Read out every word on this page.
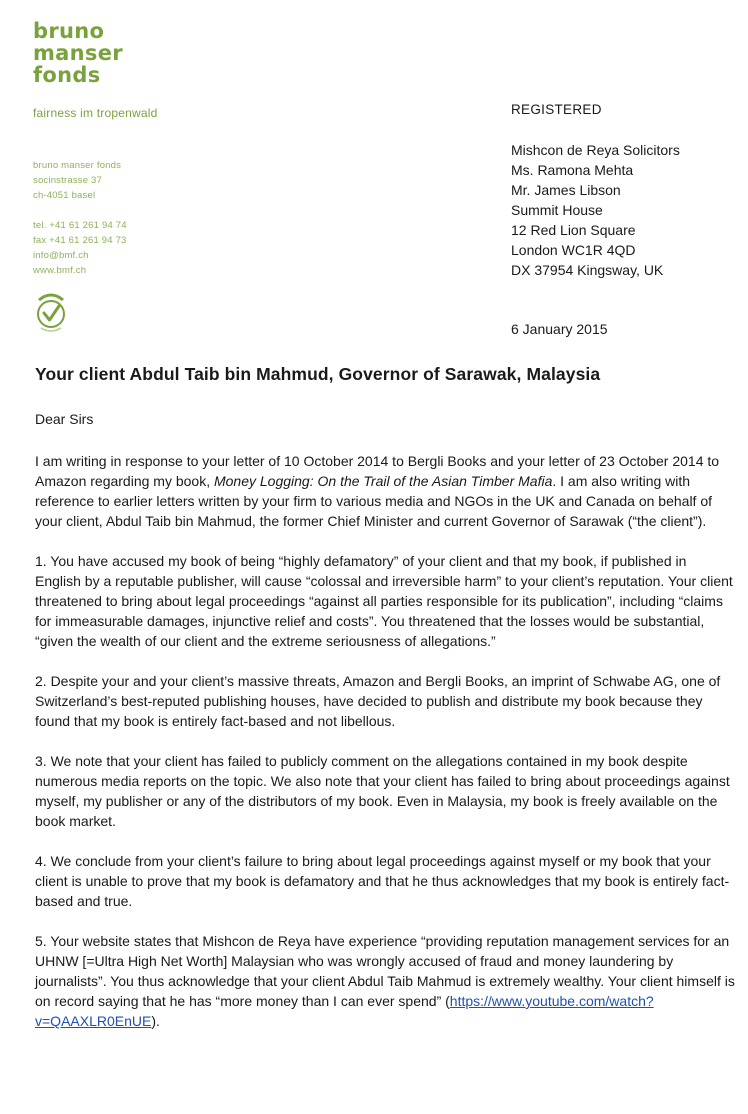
bruno
manser
fonds
fairness im tropenwald
bruno manser fonds
socinstrasse 37
ch-4051 basel
tel. +41 61 261 94 74
fax +41 61 261 94 73
info@bmf.ch
www.bmf.ch
REGISTERED
Mishcon de Reya Solicitors
Ms. Ramona Mehta
Mr. James Libson
Summit House
12 Red Lion Square
London WC1R 4QD
DX 37954 Kingsway, UK
6 January 2015
Your client Abdul Taib bin Mahmud, Governor of Sarawak, Malaysia
Dear Sirs

I am writing in response to your letter of 10 October 2014 to Bergli Books and your letter of 23 October 2014 to Amazon regarding my book, Money Logging: On the Trail of the Asian Timber Mafia. I am also writing with reference to earlier letters written by your firm to various media and NGOs in the UK and Canada on behalf of your client, Abdul Taib bin Mahmud, the former Chief Minister and current Governor of Sarawak (“the client”).

1. You have accused my book of being “highly defamatory” of your client and that my book, if published in English by a reputable publisher, will cause “colossal and irreversible harm” to your client’s reputation. Your client threatened to bring about legal proceedings “against all parties responsible for its publication”, including “claims for immeasurable damages, injunctive relief and costs”. You threatened that the losses would be substantial, “given the wealth of our client and the extreme seriousness of allegations.”

2. Despite your and your client’s massive threats, Amazon and Bergli Books, an imprint of Schwabe AG, one of Switzerland’s best-reputed publishing houses, have decided to publish and distribute my book because they found that my book is entirely fact-based and not libellous.

3. We note that your client has failed to publicly comment on the allegations contained in my book despite numerous media reports on the topic. We also note that your client has failed to bring about proceedings against myself, my publisher or any of the distributors of my book. Even in Malaysia, my book is freely available on the book market.

4. We conclude from your client’s failure to bring about legal proceedings against myself or my book that your client is unable to prove that my book is defamatory and that he thus acknowledges that my book is entirely fact-based and true.

5. Your website states that Mishcon de Reya have experience “providing reputation management services for an UHNW [=Ultra High Net Worth] Malaysian who was wrongly accused of fraud and money laundering by journalists”. You thus acknowledge that your client Abdul Taib Mahmud is extremely wealthy. Your client himself is on record saying that he has “more money than I can ever spend” (https://www.youtube.com/watch?v=QAAXLR0EnUE).
